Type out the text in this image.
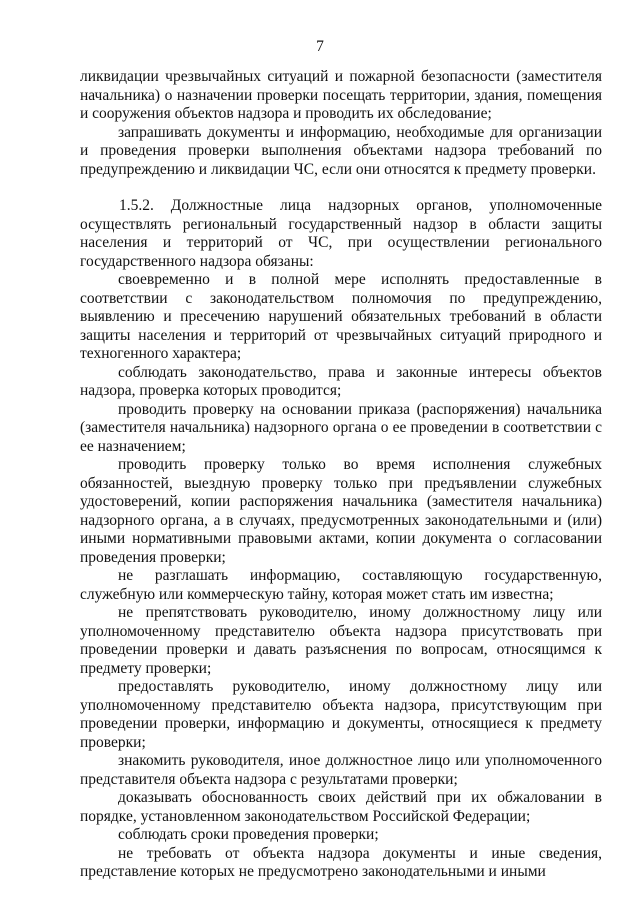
7

ликвидации чрезвычайных ситуаций и пожарной безопасности (заместителя начальника) о назначении проверки посещать территории, здания, помещения и сооружения объектов надзора и проводить их обследование;

запрашивать документы и информацию, необходимые для организации и проведения проверки выполнения объектами надзора требований по предупреждению и ликвидации ЧС, если они относятся к предмету проверки.

1.5.2. Должностные лица надзорных органов, уполномоченные осуществлять региональный государственный надзор в области защиты населения и территорий от ЧС, при осуществлении регионального государственного надзора обязаны:

своевременно и в полной мере исполнять предоставленные в соответствии с законодательством полномочия по предупреждению, выявлению и пресечению нарушений обязательных требований в области защиты населения и территорий от чрезвычайных ситуаций природного и техногенного характера;

соблюдать законодательство, права и законные интересы объектов надзора, проверка которых проводится;

проводить проверку на основании приказа (распоряжения) начальника (заместителя начальника) надзорного органа о ее проведении в соответствии с ее назначением;

проводить проверку только во время исполнения служебных обязанностей, выездную проверку только при предъявлении служебных удостоверений, копии распоряжения начальника (заместителя начальника) надзорного органа, а в случаях, предусмотренных законодательными и (или) иными нормативными правовыми актами, копии документа о согласовании проведения проверки;

не разглашать информацию, составляющую государственную, служебную или коммерческую тайну, которая может стать им известна;

не препятствовать руководителю, иному должностному лицу или уполномоченному представителю объекта надзора присутствовать при проведении проверки и давать разъяснения по вопросам, относящимся к предмету проверки;

предоставлять руководителю, иному должностному лицу или уполномоченному представителю объекта надзора, присутствующим при проведении проверки, информацию и документы, относящиеся к предмету проверки;

знакомить руководителя, иное должностное лицо или уполномоченного представителя объекта надзора с результатами проверки;

доказывать обоснованность своих действий при их обжаловании в порядке, установленном законодательством Российской Федерации;

соблюдать сроки проведения проверки;

не требовать от объекта надзора документы и иные сведения, представление которых не предусмотрено законодательными и иными
